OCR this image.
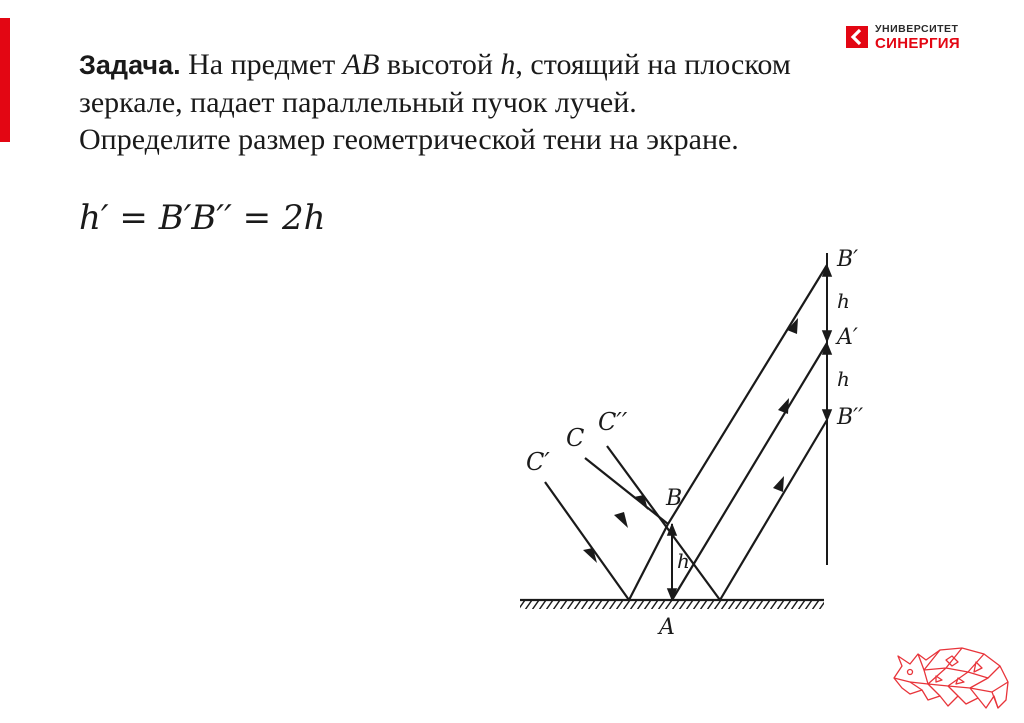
УНИВЕРСИТЕТ
СИНЕРГИЯ
Задача. На предмет AB высотой h, стоящий на плоском
зеркале, падает параллельный пучок лучей.
Определите размер геометрической тени на экране.
h′ = B′B′′ = 2h
B′
h
A′
h
B′′
C′
C
C′′
B
h
A
